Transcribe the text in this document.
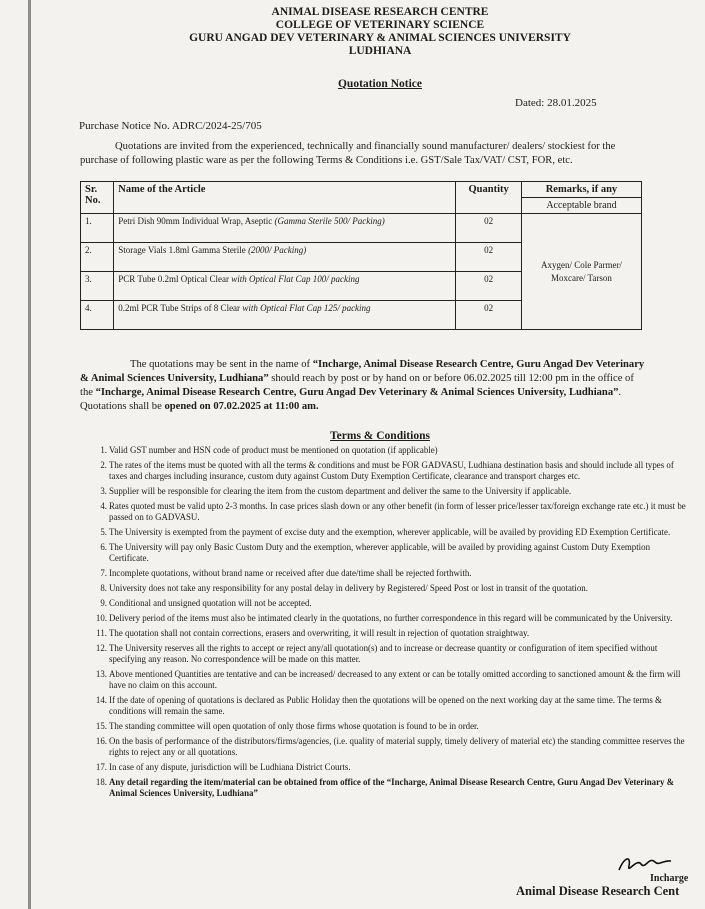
ANIMAL DISEASE RESEARCH CENTRE
COLLEGE OF VETERINARY SCIENCE
GURU ANGAD DEV VETERINARY & ANIMAL SCIENCES UNIVERSITY
LUDHIANA
Quotation Notice
Dated: 28.01.2025
Purchase Notice No. ADRC/2024-25/705
Quotations are invited from the experienced, technically and financially sound manufacturer/ dealers/ stockiest for the purchase of following plastic ware as per the following Terms & Conditions i.e. GST/Sale Tax/VAT/ CST, FOR, etc.
Sr. No.	Name of the Article	Quantity	Remarks, if any
			Acceptable brand
1.	Petri Dish 90mm Individual Wrap, Aseptic (Gamma Sterile 500/ Packing)	02	Axygen/ Cole Parmer/ Moxcare/ Tarson
2.	Storage Vials 1.8ml Gamma Sterile (2000/ Packing)	02	
3.	PCR Tube 0.2ml Optical Clear with Optical Flat Cap 100/ packing	02	
4.	0.2ml PCR Tube Strips of 8 Clear with Optical Flat Cap 125/ packing	02	
The quotations may be sent in the name of “Incharge, Animal Disease Research Centre, Guru Angad Dev Veterinary & Animal Sciences University, Ludhiana” should reach by post or by hand on or before 06.02.2025 till 12:00 pm in the office of the “Incharge, Animal Disease Research Centre, Guru Angad Dev Veterinary & Animal Sciences University, Ludhiana”. Quotations shall be opened on 07.02.2025 at 11:00 am.
Terms & Conditions
1. Valid GST number and HSN code of product must be mentioned on quotation (if applicable)
2. The rates of the items must be quoted with all the terms & conditions and must be FOR GADVASU, Ludhiana destination basis and should include all types of taxes and charges including insurance, custom duty against Custom Duty Exemption Certificate, clearance and transport charges etc.
3. Supplier will be responsible for clearing the item from the custom department and deliver the same to the University if applicable.
4. Rates quoted must be valid upto 2-3 months. In case prices slash down or any other benefit (in form of lesser price/lesser tax/foreign exchange rate etc.) it must be passed on to GADVASU.
5. The University is exempted from the payment of excise duty and the exemption, wherever applicable, will be availed by providing ED Exemption Certificate.
6. The University will pay only Basic Custom Duty and the exemption, wherever applicable, will be availed by providing against Custom Duty Exemption Certificate.
7. Incomplete quotations, without brand name or received after due date/time shall be rejected forthwith.
8. University does not take any responsibility for any postal delay in delivery by Registered/ Speed Post or lost in transit of the quotation.
9. Conditional and unsigned quotation will not be accepted.
10. Delivery period of the items must also be intimated clearly in the quotations, no further correspondence in this regard will be communicated by the University.
11. The quotation shall not contain corrections, erasers and overwriting, it will result in rejection of quotation straightway.
12. The University reserves all the rights to accept or reject any/all quotation(s) and to increase or decrease quantity or configuration of item specified without specifying any reason. No correspondence will be made on this matter.
13. Above mentioned Quantities are tentative and can be increased/ decreased to any extent or can be totally omitted according to sanctioned amount & the firm will have no claim on this account.
14. If the date of opening of quotations is declared as Public Holiday then the quotations will be opened on the next working day at the same time. The terms & conditions will remain the same.
15. The standing committee will open quotation of only those firms whose quotation is found to be in order.
16. On the basis of performance of the distributors/firms/agencies, (i.e. quality of material supply, timely delivery of material etc) the standing committee reserves the rights to reject any or all quotations.
17. In case of any dispute, jurisdiction will be Ludhiana District Courts.
18. Any detail regarding the item/material can be obtained from office of the “Incharge, Animal Disease Research Centre, Guru Angad Dev Veterinary & Animal Sciences University, Ludhiana”
Incharge
Animal Disease Research Cent
